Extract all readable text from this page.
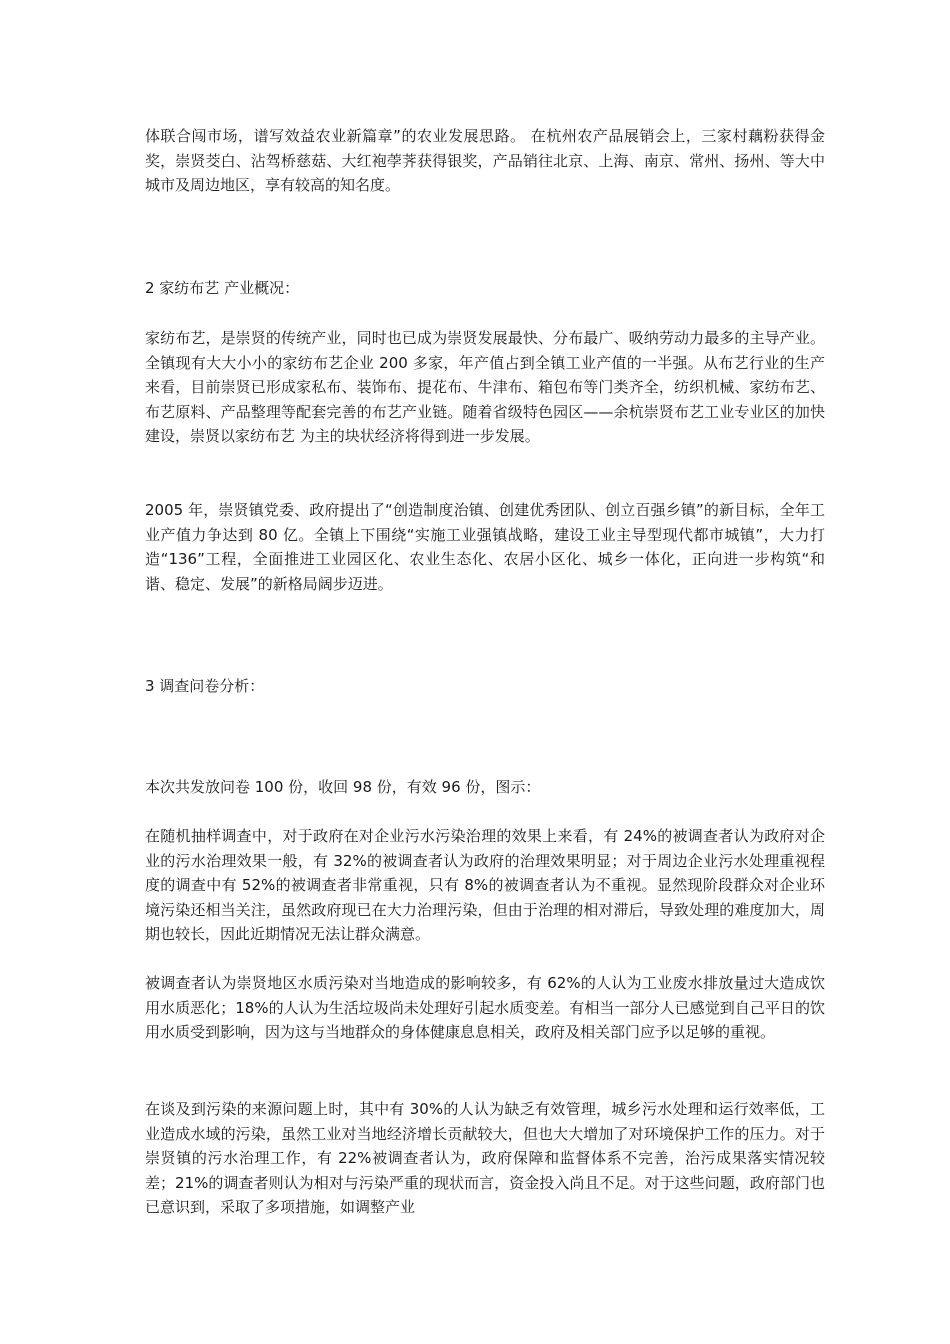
体联合闯市场，谱写效益农业新篇章”的农业发展思路。 在杭州农产品展销会上，三家村藕粉获得金奖，崇贤茭白、沾驾桥慈菇、大红袍荸荠获得银奖，产品销往北京、上海、南京、常州、扬州、等大中城市及周边地区，享有较高的知名度。

2 家纺布艺 产业概况：

家纺布艺，是崇贤的传统产业，同时也已成为崇贤发展最快、分布最广、吸纳劳动力最多的主导产业。全镇现有大大小小的家纺布艺企业 200 多家，年产值占到全镇工业产值的一半强。从布艺行业的生产来看，目前崇贤已形成家私布、装饰布、提花布、牛津布、箱包布等门类齐全，纺织机械、家纺布艺、布艺原料、产品整理等配套完善的布艺产业链。随着省级特色园区——余杭崇贤布艺工业专业区的加快建设，崇贤以家纺布艺 为主的块状经济将得到进一步发展。

2005 年，崇贤镇党委、政府提出了“创造制度治镇、创建优秀团队、创立百强乡镇”的新目标，全年工业产值力争达到 80 亿。全镇上下围绕“实施工业强镇战略，建设工业主导型现代都市城镇”，大力打造“136”工程，全面推进工业园区化、农业生态化、农居小区化、城乡一体化，正向进一步构筑“和谐、稳定、发展”的新格局阔步迈进。

3 调查问卷分析：

本次共发放问卷 100 份，收回 98 份，有效 96 份，图示：

在随机抽样调查中，对于政府在对企业污水污染治理的效果上来看，有 24%的被调查者认为政府对企业的污水治理效果一般，有 32%的被调查者认为政府的治理效果明显；对于周边企业污水处理重视程度的调查中有 52%的被调查者非常重视，只有 8%的被调查者认为不重视。显然现阶段群众对企业环境污染还相当关注，虽然政府现已在大力治理污染，但由于治理的相对滞后，导致处理的难度加大，周期也较长，因此近期情况无法让群众满意。

被调查者认为崇贤地区水质污染对当地造成的影响较多，有 62%的人认为工业废水排放量过大造成饮用水质恶化；18%的人认为生活垃圾尚未处理好引起水质变差。有相当一部分人已感觉到自己平日的饮用水质受到影响，因为这与当地群众的身体健康息息相关，政府及相关部门应予以足够的重视。

在谈及到污染的来源问题上时，其中有 30%的人认为缺乏有效管理，城乡污水处理和运行效率低，工业造成水域的污染，虽然工业对当地经济增长贡献较大，但也大大增加了对环境保护工作的压力。对于崇贤镇的污水治理工作，有 22%被调查者认为，政府保障和监督体系不完善，治污成果落实情况较差；21%的调查者则认为相对与污染严重的现状而言，资金投入尚且不足。对于这些问题，政府部门也已意识到，采取了多项措施，如调整产业
